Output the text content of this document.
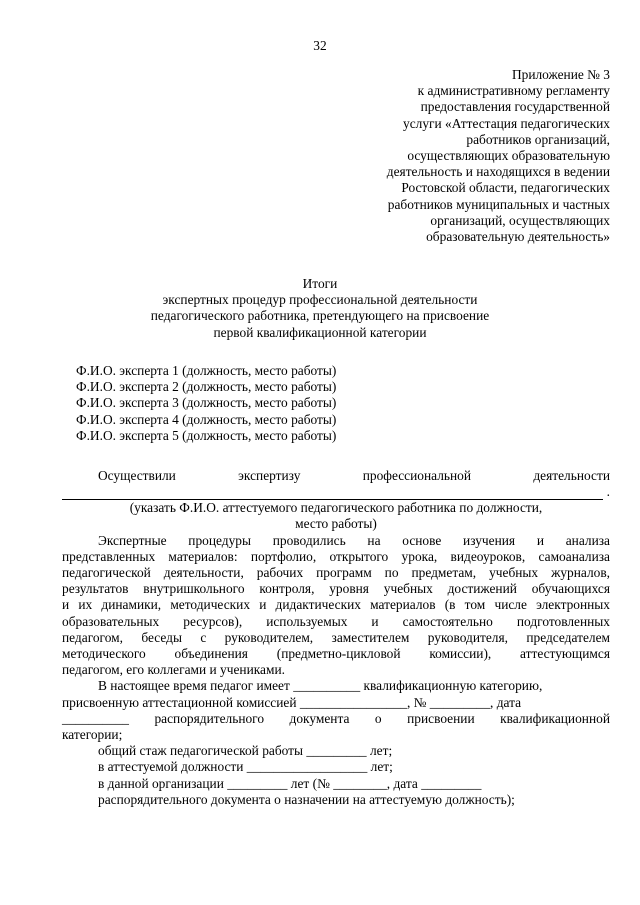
32
Приложение № 3
к административному регламенту
предоставления государственной
услуги «Аттестация педагогических
работников организаций,
осуществляющих образовательную
деятельность и находящихся в ведении
Ростовской области, педагогических
работников муниципальных и частных
организаций, осуществляющих
образовательную деятельность»
Итоги
экспертных процедур профессиональной деятельности
педагогического работника, претендующего на присвоение
первой квалификационной категории
Ф.И.О. эксперта 1 (должность, место работы)
Ф.И.О. эксперта 2 (должность, место работы)
Ф.И.О. эксперта 3 (должность, место работы)
Ф.И.О. эксперта 4 (должность, место работы)
Ф.И.О. эксперта 5 (должность, место работы)
Осуществили экспертизу профессиональной деятельности
.
(указать Ф.И.О. аттестуемого педагогического работника по должности,
место работы)
Экспертные процедуры проводились на основе изучения и анализа
представленных материалов: портфолио, открытого урока, видеоуроков, самоанализа
педагогической деятельности, рабочих программ по предметам, учебных журналов,
результатов внутришкольного контроля, уровня учебных достижений обучающихся
и их динамики, методических и дидактических материалов (в том числе электронных
образовательных ресурсов), используемых и самостоятельно подготовленных
педагогом, беседы с руководителем, заместителем руководителя, председателем
методического объединения (предметно-цикловой комиссии), аттестующимся
педагогом, его коллегами и учениками.
В настоящее время педагог имеет __________ квалификационную категорию,
присвоенную аттестационной комиссией ________________, № _________, дата
__________ распорядительного документа о присвоении квалификационной
категории;
общий стаж педагогической работы _________ лет;
в аттестуемой должности __________________ лет;
в данной организации _________ лет (№ ________, дата _________
распорядительного документа о назначении на аттестуемую должность);
